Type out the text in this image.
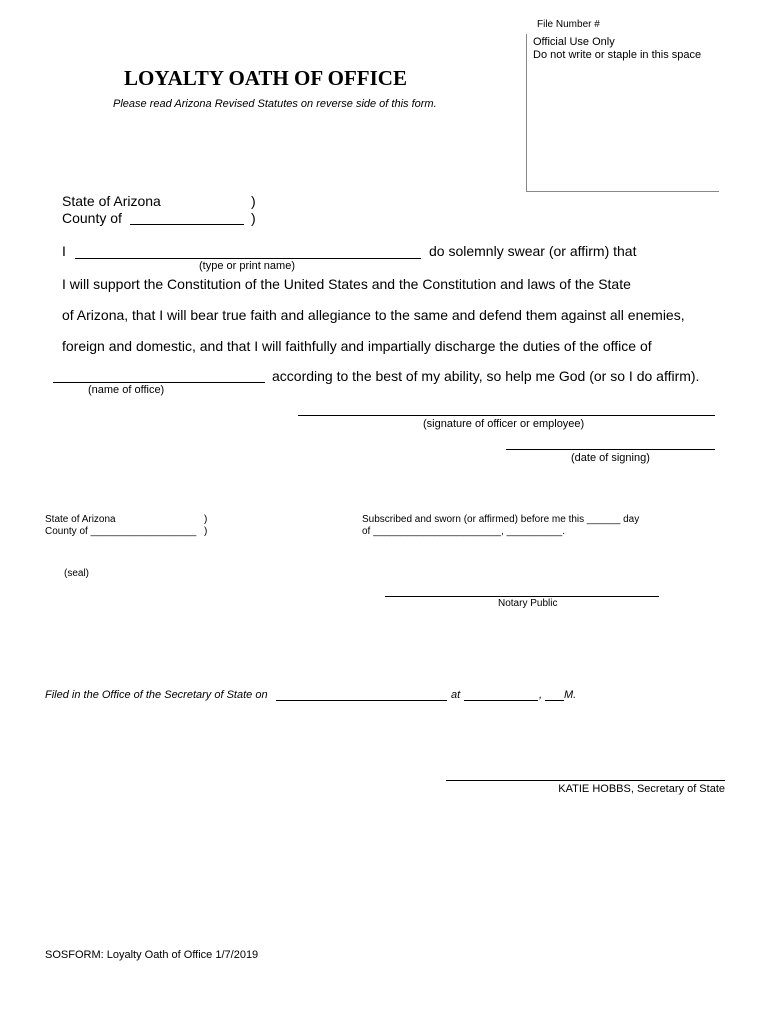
File Number #
Official Use Only
Do not write or staple in this space
LOYALTY OATH OF OFFICE
Please read Arizona Revised Statutes on reverse side of this form.
State of Arizona	)
County of	)
I	do solemnly swear (or affirm) that
(type or print name)
I will support the Constitution of the United States and the Constitution and laws of the State
of Arizona, that I will bear true faith and allegiance to the same and defend them against all enemies,
foreign and domestic, and that I will faithfully and impartially discharge the duties of the office of
according to the best of my ability, so help me God (or so I do affirm).
(name of office)
(signature of officer or employee)
(date of signing)
State of Arizona	)
County of ___________________ )
Subscribed and sworn (or affirmed) before me this ______ day
of _______________________, __________.
(seal)
Notary Public
Filed in the Office of the Secretary of State on	at	, M.
KATIE HOBBS, Secretary of State
SOSFORM: Loyalty Oath of Office 1/7/2019
